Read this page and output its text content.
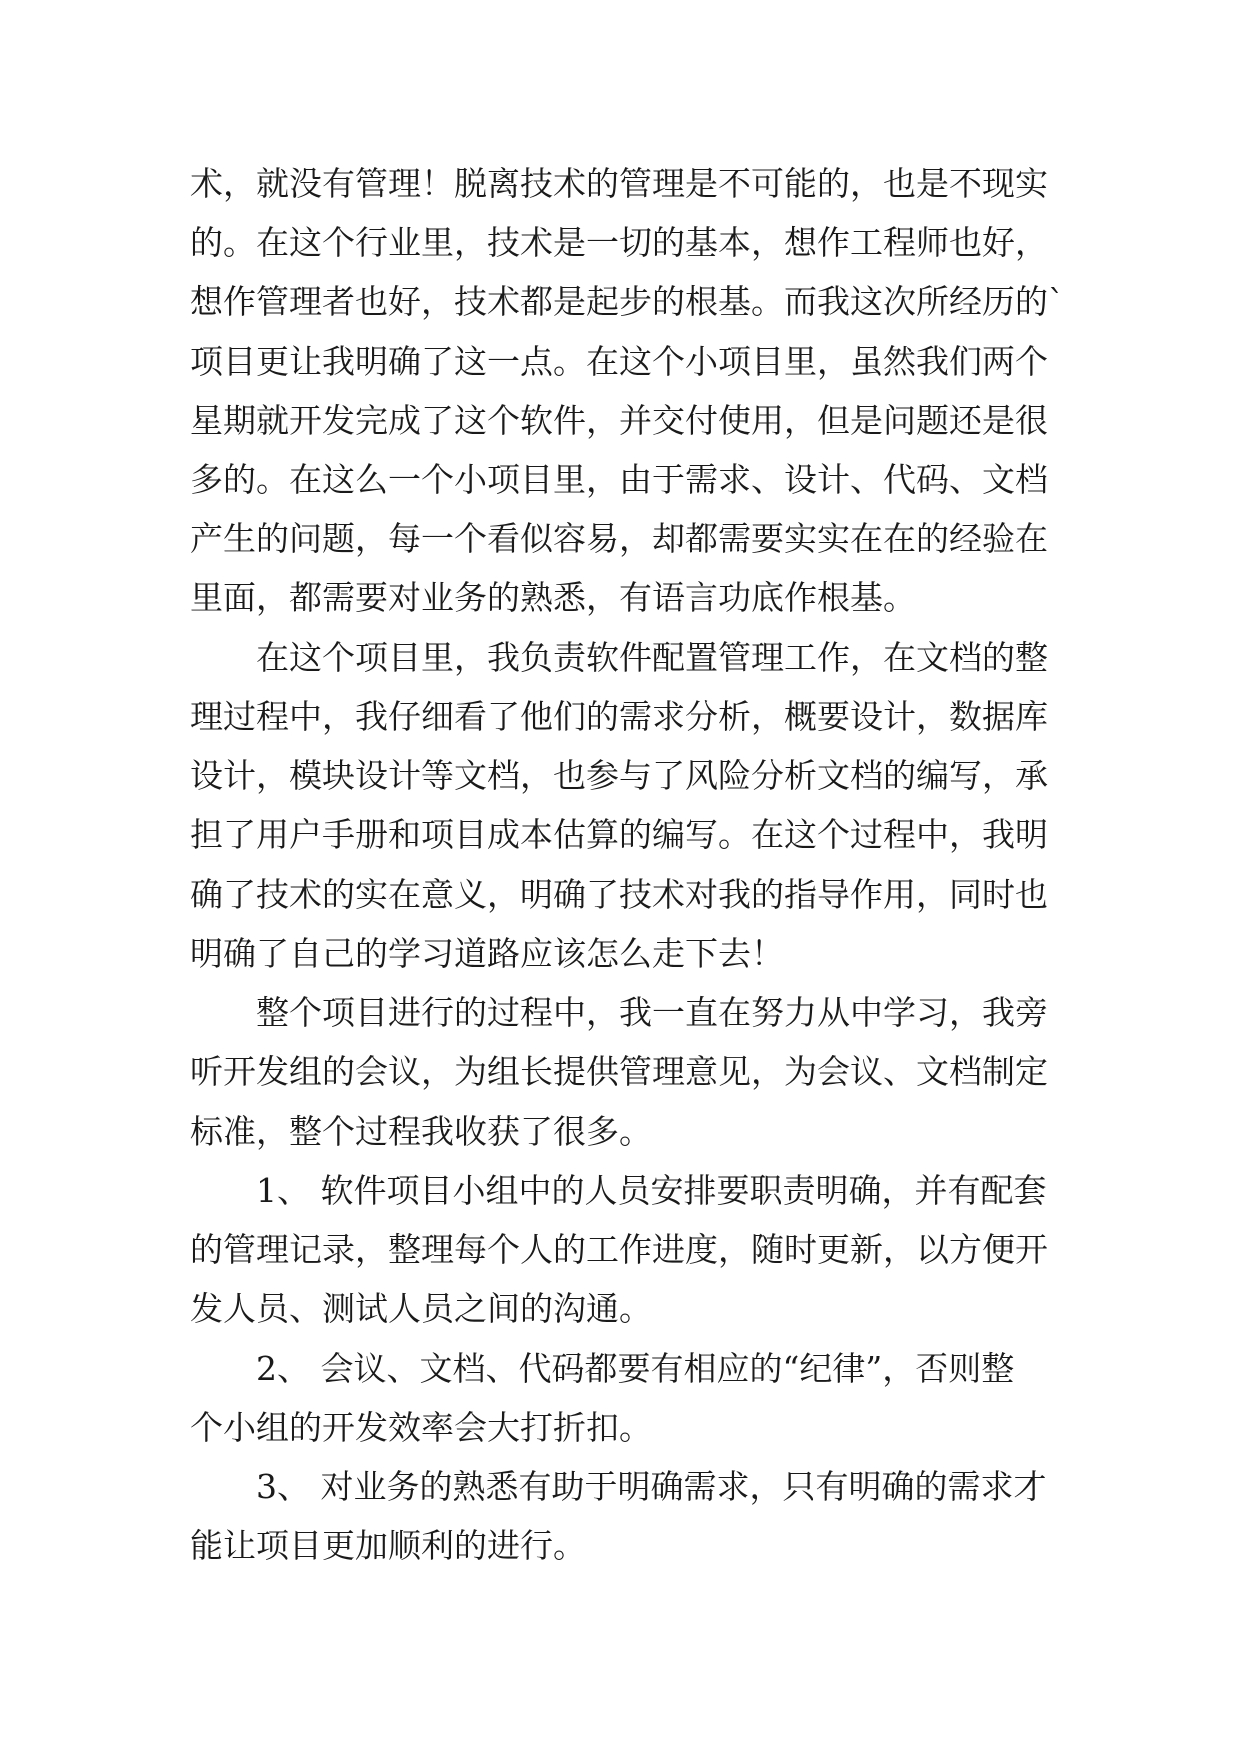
术，就没有管理！脱离技术的管理是不可能的，也是不现实
的。在这个行业里，技术是一切的基本，想作工程师也好，
想作管理者也好，技术都是起步的根基。而我这次所经历的`
项目更让我明确了这一点。在这个小项目里，虽然我们两个
星期就开发完成了这个软件，并交付使用，但是问题还是很
多的。在这么一个小项目里，由于需求、设计、代码、文档
产生的问题，每一个看似容易，却都需要实实在在的经验在
里面，都需要对业务的熟悉，有语言功底作根基。
在这个项目里，我负责软件配置管理工作，在文档的整
理过程中，我仔细看了他们的需求分析，概要设计，数据库
设计，模块设计等文档，也参与了风险分析文档的编写，承
担了用户手册和项目成本估算的编写。在这个过程中，我明
确了技术的实在意义，明确了技术对我的指导作用，同时也
明确了自己的学习道路应该怎么走下去！
整个项目进行的过程中，我一直在努力从中学习，我旁
听开发组的会议，为组长提供管理意见，为会议、文档制定
标准，整个过程我收获了很多。
1、 软件项目小组中的人员安排要职责明确，并有配套
的管理记录，整理每个人的工作进度，随时更新，以方便开
发人员、测试人员之间的沟通。
2、 会议、文档、代码都要有相应的“纪律”，否则整
个小组的开发效率会大打折扣。
3、 对业务的熟悉有助于明确需求，只有明确的需求才
能让项目更加顺利的进行。
